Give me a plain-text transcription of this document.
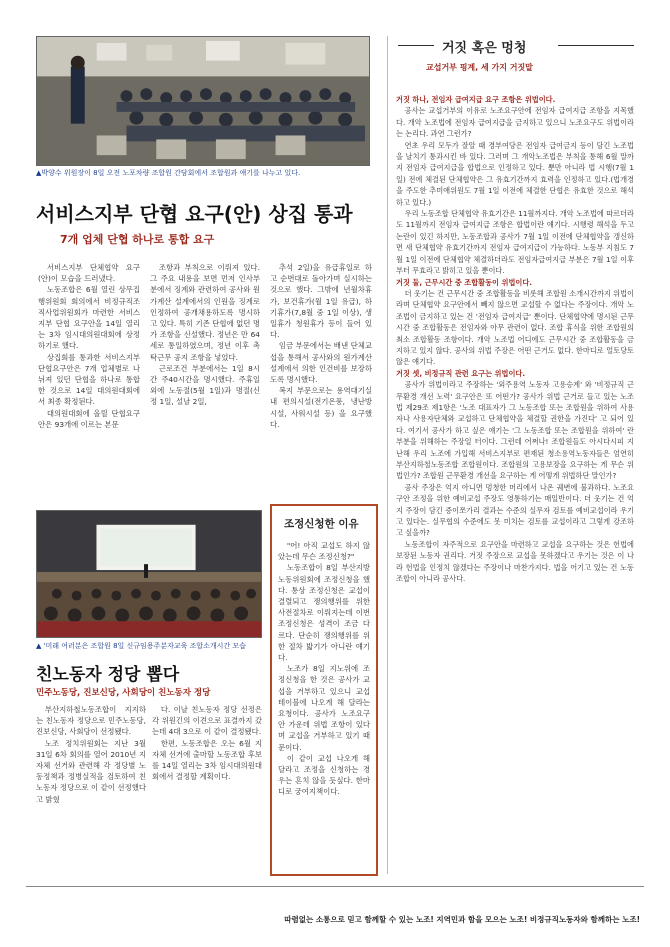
▲박양수 위원장이 8일 오전 노포차량 조합원 간담회에서 조합원과 얘기를 나누고 있다.
서비스지부 단협 요구(안) 상집 통과
7개 업체 단협 하나로 통합 요구

서비스지부 단체협약 요구(안)이 모습을 드러냈다.

노동조합은 6월 열린 상무집행위원회 회의에서 비정규직조직사업위원회가 마련한 서비스지부 단협 요구안을 14일 열리는 3차 임시대의원대회에 상정하기로 했다.

상집회를 통과한 서비스지부 단협요구안은 7개 업체별로 나뉘져 있던 단협을 하나로 통합한 것으로 14일 대의원대회에서 최종 확정된다.

대의원대회에 올릴 단협요구안은 93개에 이르는 본문

조항과 부칙으로 이뤄져 있다. 그 주요 내용을 보면 먼저 인사부분에서 징계와 관련하여 공사와 원가계산 설계에서의 인원을 징계로 인정하여 공개채용하도록 명시하고 있다. 특히 기존 단협에 없던 명가 조항을 신설했다. 정년은 만 64세로 통일하였으며, 정년 이후 촉탁근무 공지 조항을 넣었다.

근로조건 부분에서는 1일 8시간 주40시간을 명시했다. 주휴일 외에 노동절(5월 1일)과 명절(신정 1일, 설날 2일,

추석 2일)을 유급휴일로 하고 순번대로 돌아가며 실시하는 것으로 했다. 그밖에 년월차휴가, 보건휴가(월 1일 유급), 하기휴가(7,8월 중 1일 이상), 생일휴가 청원휴가 등이 들어 있다.

임금 부문에서는 배낸 단체교섭을 통해서 공사와의 원가계산 설계에서 의한 인건비를 보장하도록 명시했다.

복지 부문으로는 용역대기실내 편의시설(전기온풍, 냉난방시설, 사워시설 등) 을 요구했다.

▲ '미래 여러분은 조합원 8일 신규임용주분자교육 조합소개시간 모습
친노동자 정당 뽑다
민주노동당, 진보신당, 사회당이 친노동자 정당

부산지하철노동조합이 지지하는 친노동자 정당으로 민주노동당, 진보신당, 사회당이 선정됐다.

노조 정치위원회는 지난 3월 31일 6차 회의를 열어 2010년 지자체 선거와 관련해 각 정당별 노동정책과 정병실적을 검토하여 친노동자 정당으로 이 같이 선정했다고 밝혔

다. 이날 친노동자 정당 선정은 각 위원긴의 이견으로 표결까지 갔는데 4대 3으로 이 같이 결정됐다.

한편, 노동조합은 오는 6월 지자체 선거에 출마할 노동조합 후보를 14일 열리는 3차 임시대의원대회에서 결정할 계획이다.

조정신청한 이유

"어! 아직 교섭도 하지 않았는데 무슨 조정신청?"

노동조합이 8일 부산지방노동위원회에 조정신청을 했다. 통상 조정신청은 교섭이 결렬되고 쟁의행위를 위한 사전절차로 이뤄지는데 이번 조정신청은 성격이 조금 다르다. 단순히 쟁의행위를 위한 절차 밟기가 아니란 얘기다.

노조가 8일 지노위에 조정신청을 한 것은 공사가 교섭을 거부하고 있으니 교섭 테이블에 나오게 해 달라는 요청이다. 공사가 노조요구안 가운데 위법 조항이 있다며 교섭을 거부하고 있기 때문이다.

이 같이 교섭 나오게 해 달라고 조정을 신청하는 경우는 흔치 않을 듯싶다. 한마디로 궁여지책이다.

거짓 혹은 멍청
교섭거부 핑계, 세 가지 거짓말

거짓 하나, 전임자 급여지급 요구 조항은 위법이다.

공사는 교섭거부의 이유로 노조요구안에 전임자 급여지급 조항을 지목했다. 개악 노조법에 전임자 급여지급을 금지하고 있으니 노조요구도 위법이라는 논리다. 과연 그런가?

연초 우리 모두가 잘알 때 경부여당은 전임자 급여금지 등이 담긴 노조법을 날치기 통과시킨 바 있다. 그러며 그 개악노조법은 부칙을 통해 6월 말까지 전임자 급여지급을 합법으로 인정하고 있다. 뿐만 아니라 법 시행(7월 1일) 전에 체결된 단체협약은 그 유효기간까지 효력을 인정하고 있다.(법개경을 주도한 추미애위원도 7월 1일 이전에 체결한 단협은 유효한 것으로 해석하고 있다.)

우리 노동조합 단체협약 유효기간은 11월까지다. 개악 노조법에 따르더라도 11월까지 전임자 급여지급 조항은 합법이란 얘기다. 시행령 해석을 두고 논란이 있긴 하지만, 노동조합과 공사가 7월 1일 이전에 단체협약을 갱신하면 새 단체협약 유효기간까지 전임자 급여지급이 가능하다. 노동부 지침도 7월 1일 이전에 단체협약 체결하더라도 전임자급여지급 부분은 7월 1일 이후부터 무효라고 밝히고 있을 뿐이다.

거짓 둘, 근무시간 중 조합활동이 위법이다.

더 웃기는 건 근무시간 중 조합활동을 비롯해 조합원 소개시간까지 위법이라며 단체협약 요구안에서 빼지 않으면 교섭할 수 없다는 주장이다. 개악 노조법이 금지하고 있는 건 '전임자 급여지급' 뿐이다. 단체협약에 명시된 근무시간 중 조합활동은 전임자와 아무 관련이 없다. 조합 휴식을 위한 조합원의 최소 조합활동 조항이다. 개악 노조법 어디에도 근무시간 중 조합활동을 금지하고 있지 않다. 공사의 위법 주장은 어떤 근거도 없다. 한마디로 얼토당토않은 얘기다.

거짓 셋, 비정규직 관련 요구는 위법이다.

공사가 위법이라고 주장하는 '외주용역 노동자 고용승계' 와 '비정규직 근무환경 개선 노력' 요구안은 또 어떤가? 공사가 위법 근거로 들고 있는 노조법 제29조 제1항은 '노조 대표자가 그 노동조합 또는 조합원을 위하여 사용자나 사용자단체와 교섭하고 단체협약을 체결할 권한을 가진다' 고 되어 있다. 여기서 공사가 하고 싶은 얘기는 '그 노동조합 또는 조합원을 위하여' 란 부분을 위해하는 주장일 터이다. 그런데 어쩌나! 조합원들도 아시다시피 지난해 우리 노조에 가입해 서비스지부로 편재된 청소용역노동자들은 엄연히 부산지하철노동조합 조합원이다. 조합원의 고용보장을 요구하는 게 무슨 위법인가? 조합원 근무환경 개선을 요구하는 게 어떻게 위법하단 말인가?

공사 주장은 억지 아니면 멍청한 머리에서 나온 궤변에 불과하다. 노조요구안 조정을 위한 예비교섭 주장도 영통하기는 매일반이다. 더 웃기는 건 억지 주장이 담긴 증이쪼가리 결과는 수준의 실무자 검토를 예비교섭이라 우기고 있다는. 실무협의 수준에도 못 미치는 검토를 교섭이라고 그렇게 강조하고 싶을까?

노동조합이 자주적으로 요구안을 마련하고 교섭을 요구하는 것은 헌법에 보장된 노동자 권리다. 거짓 주장으로 교섭을 못하겠다고 우기는 것은 이 나라 헌법을 인정치 않겠다는 주장이나 마찬가지다. 법을 어기고 있는 건 노동조합이 아니라 공사다.

따렴없는 소통으로 믿고 함께할 수 있는 노조! 지역민과 함을 모으는 노조! 비정규직노동자와 함께하는 노조!
